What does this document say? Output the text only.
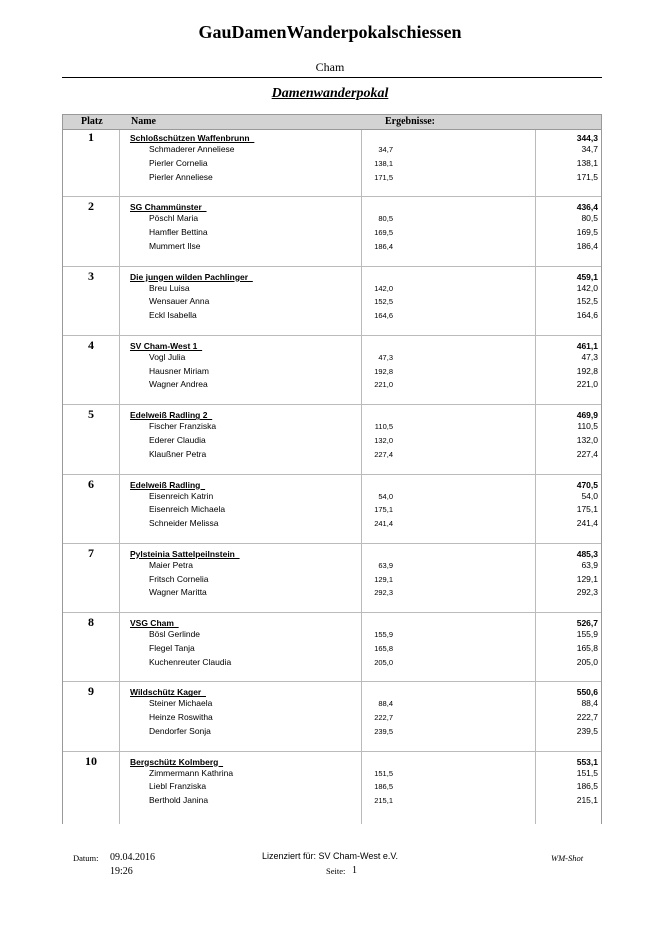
GauDamenWanderpokalschiessen
Cham
Damenwanderpokal
Platz	Name	Ergebnisse:
1	Schloßschützen Waffenbrunn	344,3
Schmaderer Anneliese	34,7	34,7
Pierler Cornelia	138,1	138,1
Pierler Anneliese	171,5	171,5
2	SG Chammünster	436,4
Pöschl Maria	80,5	80,5
Hamfler Bettina	169,5	169,5
Mummert Ilse	186,4	186,4
3	Die jungen wilden Pachlinger	459,1
Breu Luisa	142,0	142,0
Wensauer Anna	152,5	152,5
Eckl Isabella	164,6	164,6
4	SV Cham-West 1	461,1
Vogl Julia	47,3	47,3
Hausner Miriam	192,8	192,8
Wagner Andrea	221,0	221,0
5	Edelweiß Radling 2	469,9
Fischer Franziska	110,5	110,5
Ederer Claudia	132,0	132,0
Klaußner Petra	227,4	227,4
6	Edelweiß Radling	470,5
Eisenreich Katrin	54,0	54,0
Eisenreich Michaela	175,1	175,1
Schneider Melissa	241,4	241,4
7	Pylsteinia Sattelpeilnstein	485,3
Maier Petra	63,9	63,9
Fritsch Cornelia	129,1	129,1
Wagner Maritta	292,3	292,3
8	VSG Cham	526,7
Bösl Gerlinde	155,9	155,9
Flegel Tanja	165,8	165,8
Kuchenreuter Claudia	205,0	205,0
9	Wildschütz Kager	550,6
Steiner Michaela	88,4	88,4
Heinze Roswitha	222,7	222,7
Dendorfer Sonja	239,5	239,5
10	Bergschütz Kolmberg	553,1
Zimmermann Kathrina	151,5	151,5
Liebl Franziska	186,5	186,5
Berthold Janina	215,1	215,1
Datum: 09.04.2016
19:26
Lizenziert für: SV Cham-West e.V.
Seite: 1
WM-Shot
